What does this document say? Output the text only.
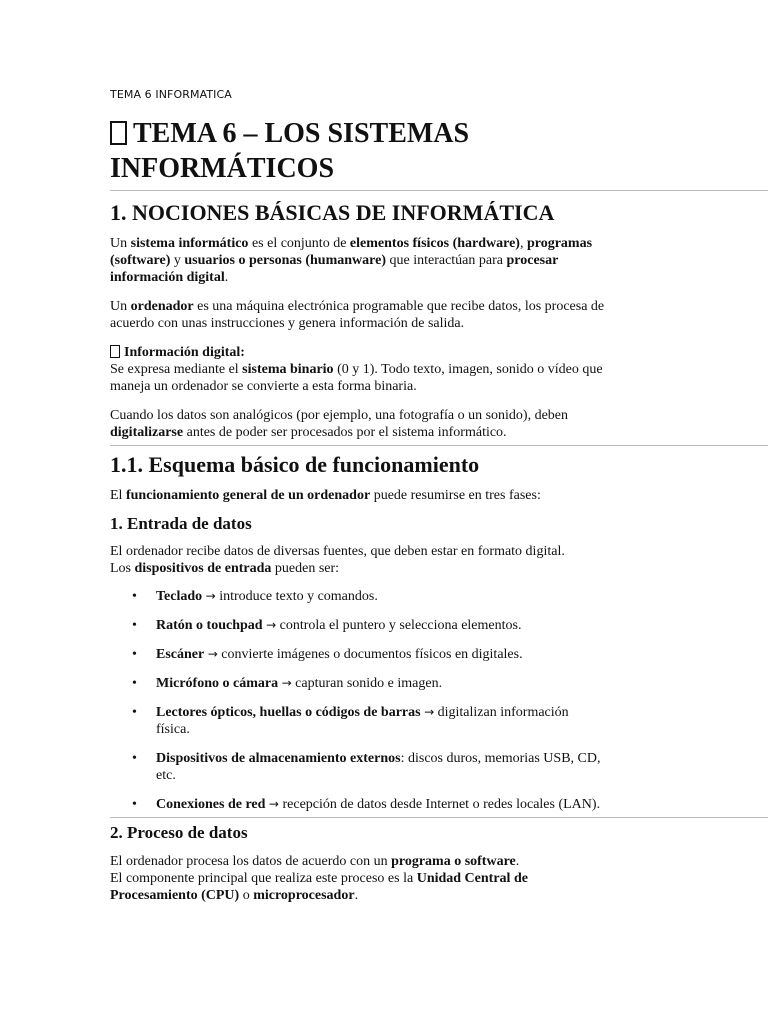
TEMA 6 INFORMATICA
TEMA 6 – LOS SISTEMAS
INFORMÁTICOS
1. NOCIONES BÁSICAS DE INFORMÁTICA

Un sistema informático es el conjunto de elementos físicos (hardware), programas
(software) y usuarios o personas (humanware) que interactúan para procesar
información digital.

Un ordenador es una máquina electrónica programable que recibe datos, los procesa de
acuerdo con unas instrucciones y genera información de salida.

Información digital:
Se expresa mediante el sistema binario (0 y 1). Todo texto, imagen, sonido o vídeo que
maneja un ordenador se convierte a esta forma binaria.

Cuando los datos son analógicos (por ejemplo, una fotografía o un sonido), deben
digitalizarse antes de poder ser procesados por el sistema informático.

1.1. Esquema básico de funcionamiento

El funcionamiento general de un ordenador puede resumirse en tres fases:

1. Entrada de datos

El ordenador recibe datos de diversas fuentes, que deben estar en formato digital.
Los dispositivos de entrada pueden ser:

• Teclado → introduce texto y comandos.
• Ratón o touchpad → controla el puntero y selecciona elementos.
• Escáner → convierte imágenes o documentos físicos en digitales.
• Micrófono o cámara → capturan sonido e imagen.
• Lectores ópticos, huellas o códigos de barras → digitalizan información
física.
• Dispositivos de almacenamiento externos: discos duros, memorias USB, CD,
etc.
• Conexiones de red → recepción de datos desde Internet o redes locales (LAN).
2. Proceso de datos

El ordenador procesa los datos de acuerdo con un programa o software.
El componente principal que realiza este proceso es la Unidad Central de
Procesamiento (CPU) o microprocesador.
